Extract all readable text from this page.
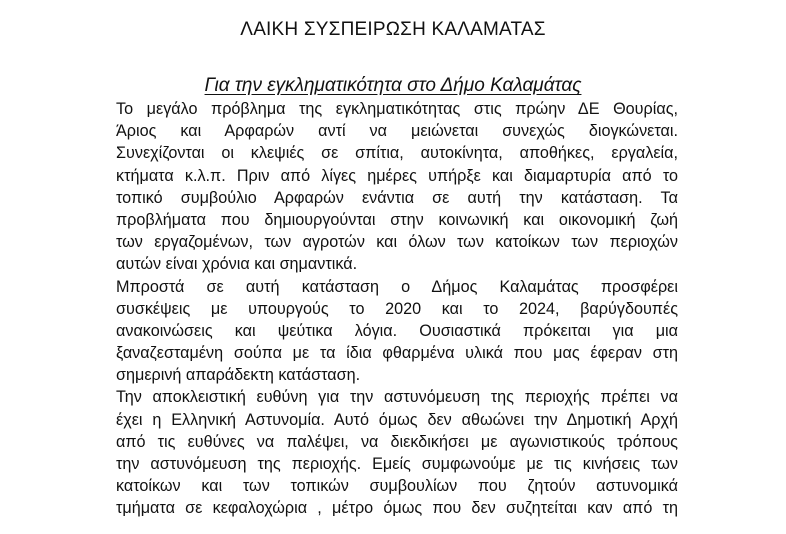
ΛΑΙΚΗ ΣΥΣΠΕΙΡΩΣΗ ΚΑΛΑΜΑΤΑΣ
Για την εγκληματικότητα στο Δήμο Καλαμάτας
Το μεγάλο πρόβλημα της εγκληματικότητας στις πρώην ΔΕ Θουρίας,
Άριος και Αρφαρών αντί να μειώνεται συνεχώς διογκώνεται.
Συνεχίζονται οι κλεψιές σε σπίτια, αυτοκίνητα, αποθήκες, εργαλεία,
κτήματα κ.λ.π. Πριν από λίγες ημέρες υπήρξε και διαμαρτυρία από το
τοπικό συμβούλιο Αρφαρών ενάντια σε αυτή την κατάσταση. Τα
προβλήματα που δημιουργούνται στην κοινωνική και οικονομική ζωή
των εργαζομένων, των αγροτών και όλων των κατοίκων των περιοχών
αυτών είναι χρόνια και σημαντικά.
Μπροστά σε αυτή κατάσταση ο Δήμος Καλαμάτας προσφέρει
συσκέψεις με υπουργούς το 2020 και το 2024, βαρύγδουπές
ανακοινώσεις και ψεύτικα λόγια. Ουσιαστικά πρόκειται για μια
ξαναζεσταμένη σούπα με τα ίδια φθαρμένα υλικά που μας έφεραν στη
σημερινή απαράδεκτη κατάσταση.
Την αποκλειστική ευθύνη για την αστυνόμευση της περιοχής πρέπει να
έχει η Ελληνική Αστυνομία. Αυτό όμως δεν αθωώνει την Δημοτική Αρχή
από τις ευθύνες να παλέψει, να διεκδικήσει με αγωνιστικούς τρόπους
την αστυνόμευση της περιοχής. Εμείς συμφωνούμε με τις κινήσεις των
κατοίκων και των τοπικών συμβουλίων που ζητούν αστυνομικά
τμήματα σε κεφαλοχώρια , μέτρο όμως που δεν συζητείται καν από τη
